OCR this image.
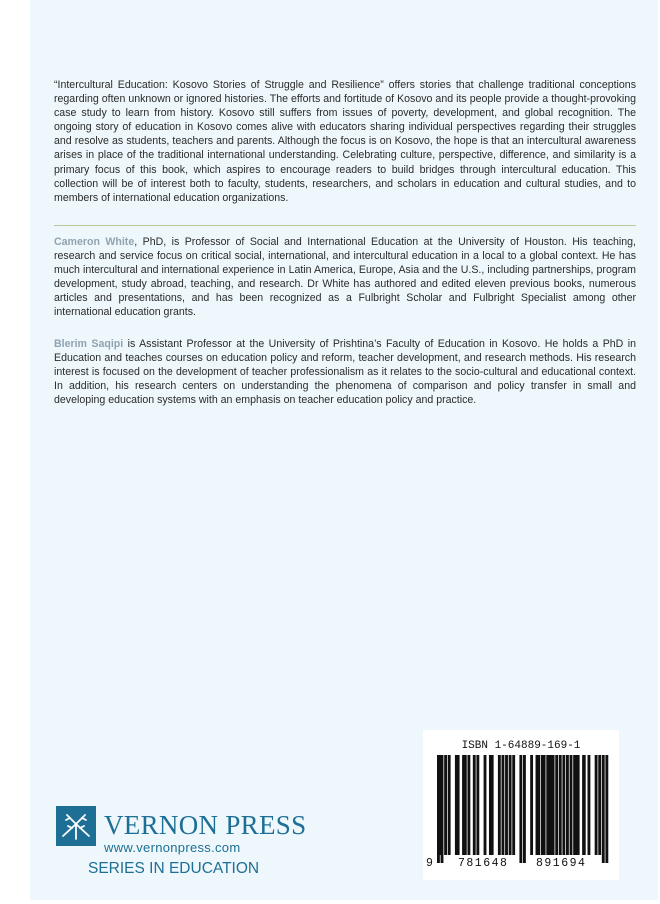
“Intercultural Education: Kosovo Stories of Struggle and Resilience” offers stories that challenge traditional conceptions regarding often unknown or ignored histories. The efforts and fortitude of Kosovo and its people provide a thought-provoking case study to learn from history. Kosovo still suffers from issues of poverty, development, and global recognition. The ongoing story of education in Kosovo comes alive with educators sharing individual perspectives regarding their struggles and resolve as students, teachers and parents. Although the focus is on Kosovo, the hope is that an intercultural awareness arises in place of the traditional international understanding. Celebrating culture, perspective, difference, and similarity is a primary focus of this book, which aspires to encourage readers to build bridges through intercultural education. This collection will be of interest both to faculty, students, researchers, and scholars in education and cultural studies, and to members of international education organizations.

Cameron White, PhD, is Professor of Social and International Education at the University of Houston. His teaching, research and service focus on critical social, international, and intercultural education in a local to a global context. He has much intercultural and international experience in Latin America, Europe, Asia and the U.S., including partnerships, program development, study abroad, teaching, and research. Dr White has authored and edited eleven previous books, numerous articles and presentations, and has been recognized as a Fulbright Scholar and Fulbright Specialist among other international education grants.

Blerim Saqipi is Assistant Professor at the University of Prishtina’s Faculty of Education in Kosovo. He holds a PhD in Education and teaches courses on education policy and reform, teacher development, and research methods. His research interest is focused on the development of teacher professionalism as it relates to the socio-cultural and educational context. In addition, his research centers on understanding the phenomena of comparison and policy transfer in small and developing education systems with an emphasis on teacher education policy and practice.

VERNON PRESS
www.vernonpress.com
SERIES IN EDUCATION
ISBN 1-64889-169-1
9 781648 891694
